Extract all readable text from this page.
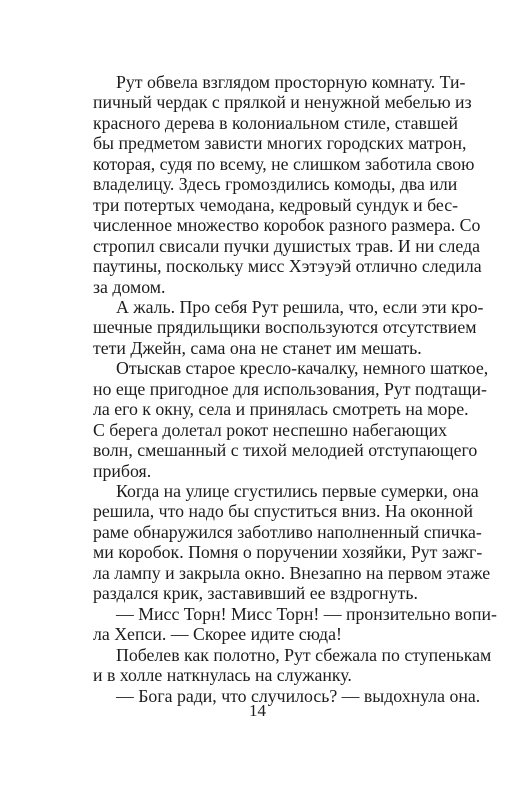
Рут обвела взглядом просторную комнату. Ти-
пичный чердак с прялкой и ненужной мебелью из
красного дерева в колониальном стиле, ставшей
бы предметом зависти многих городских матрон,
которая, судя по всему, не слишком заботила свою
владелицу. Здесь громоздились комоды, два или
три потертых чемодана, кедровый сундук и бес-
численное множество коробок разного размера. Со
стропил свисали пучки душистых трав. И ни следа
паутины, поскольку мисс Хэтэуэй отлично следила
за домом.
А жаль. Про себя Рут решила, что, если эти кро-
шечные прядильщики воспользуются отсутствием
тети Джейн, сама она не станет им мешать.
Отыскав старое кресло-качалку, немного шаткое,
но еще пригодное для использования, Рут подтащи-
ла его к окну, села и принялась смотреть на море.
С берега долетал рокот неспешно набегающих
волн, смешанный с тихой мелодией отступающего
прибоя.
Когда на улице сгустились первые сумерки, она
решила, что надо бы спуститься вниз. На оконной
раме обнаружился заботливо наполненный спичка-
ми коробок. Помня о поручении хозяйки, Рут зажг-
ла лампу и закрыла окно. Внезапно на первом этаже
раздался крик, заставивший ее вздрогнуть.
— Мисс Торн! Мисс Торн! — пронзительно вопи-
ла Хепси. — Скорее идите сюда!
Побелев как полотно, Рут сбежала по ступенькам
и в холле наткнулась на служанку.
— Бога ради, что случилось? — выдохнула она.
14
